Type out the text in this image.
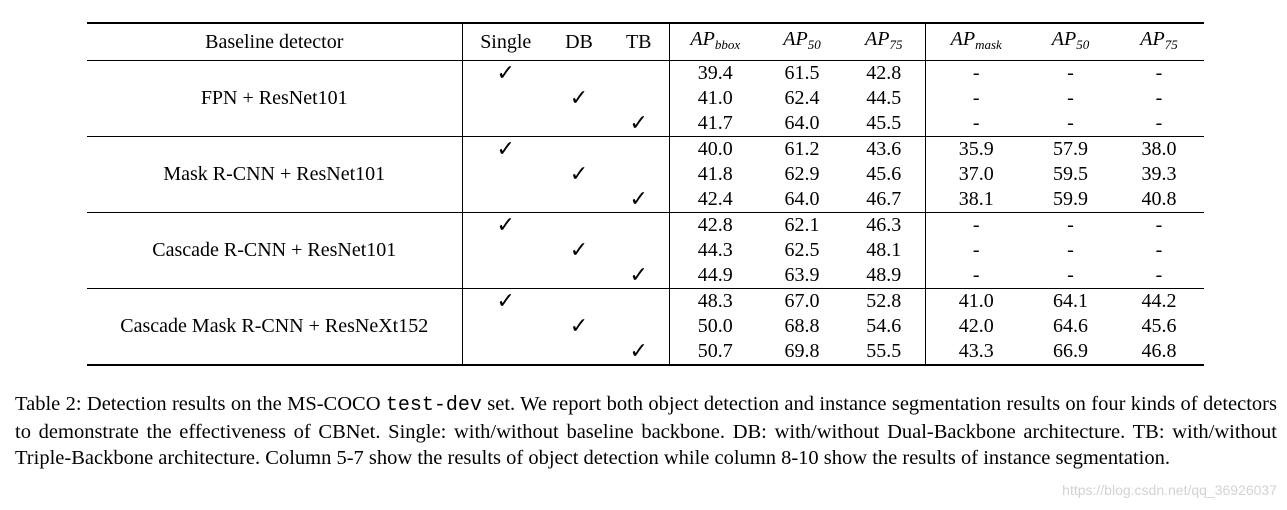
Baseline detector	Single	DB	TB	$AP_{bbox}$	$AP_{50}$	$AP_{75}$	$AP_{mask}$	$AP_{50}$	$AP_{75}$
FPN + ResNet101	✓			39.4	61.5	42.8	-	-	-
		✓		41.0	62.4	44.5	-	-	-
			✓	41.7	64.0	45.5	-	-	-
Mask R-CNN + ResNet101	✓			40.0	61.2	43.6	35.9	57.9	38.0
		✓		41.8	62.9	45.6	37.0	59.5	39.3
			✓	42.4	64.0	46.7	38.1	59.9	40.8
Cascade R-CNN + ResNet101	✓			42.8	62.1	46.3	-	-	-
		✓		44.3	62.5	48.1	-	-	-
			✓	44.9	63.9	48.9	-	-	-
Cascade Mask R-CNN + ResNeXt152	✓			48.3	67.0	52.8	41.0	64.1	44.2
		✓		50.0	68.8	54.6	42.0	64.6	45.6
			✓	50.7	69.8	55.5	43.3	66.9	46.8

Table 2: Detection results on the MS-COCO test-dev set. We report both object detection and instance segmentation results on four kinds of detectors to demonstrate the effectiveness of CBNet. Single: with/without baseline backbone. DB: with/without Dual-Backbone architecture. TB: with/without Triple-Backbone architecture. Column 5-7 show the results of object detection while column 8-10 show the results of instance segmentation.

https://blog.csdn.net/qq_36926037
